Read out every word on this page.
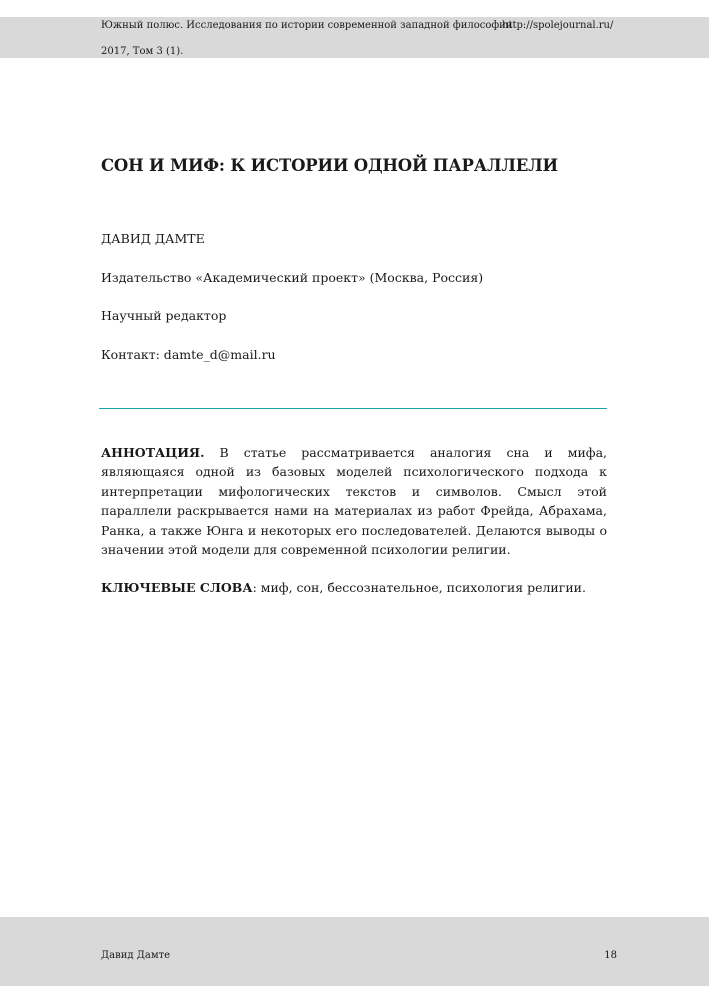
Южный полюс. Исследования по истории современной западной философии
http://spolejournal.ru/
2017, Том 3 (1).
СОН И МИФ: К ИСТОРИИ ОДНОЙ ПАРАЛЛЕЛИ
ДАВИД ДАМТЕ
Издательство «Академический проект» (Москва, Россия)
Научный редактор
Контакт: damte_d@mail.ru

АННОТАЦИЯ. В статье рассматривается аналогия сна и мифа, являющаяся одной из базовых моделей психологического подхода к интерпретации мифологических текстов и символов. Смысл этой параллели раскрывается нами на материалах из работ Фрейда, Абрахама, Ранка, а также Юнга и некоторых его последователей. Делаются выводы о значении этой модели для современной психологии религии.

КЛЮЧЕВЫЕ СЛОВА: миф, сон, бессознательное, психология религии.

Давид Дамте	18
